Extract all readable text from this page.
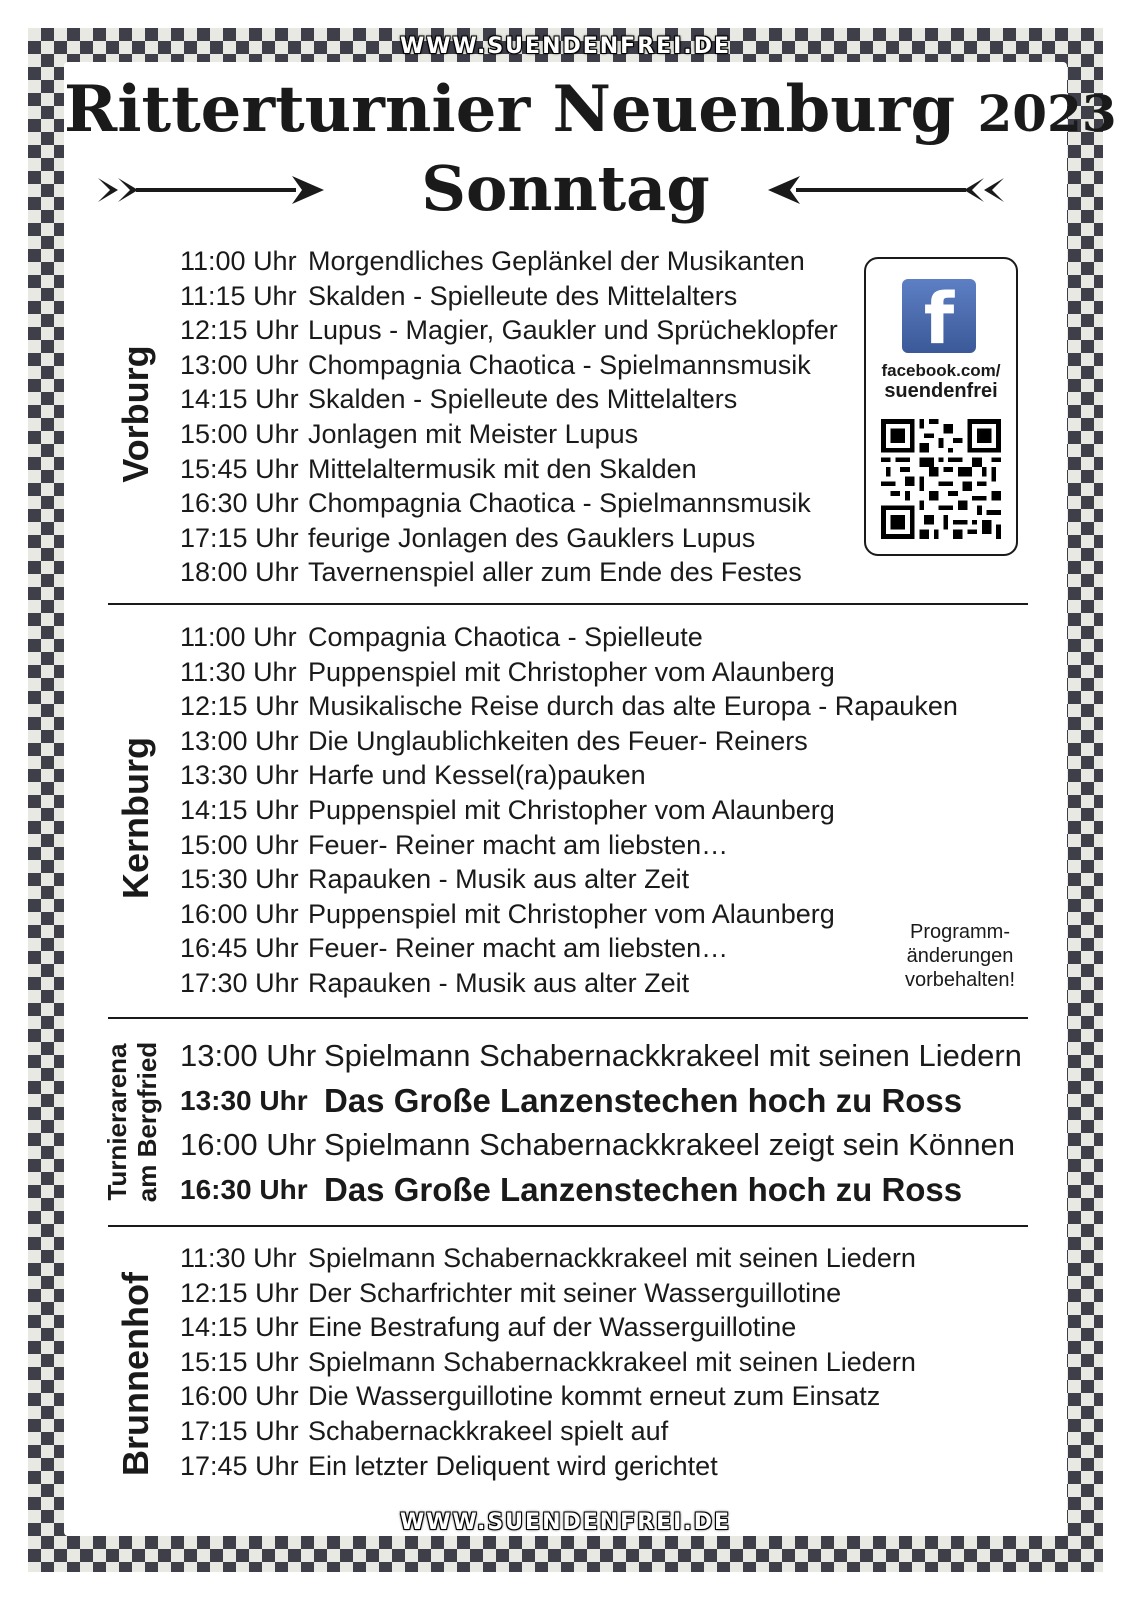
WWW.SUENDENFREI.DE
Ritterturnier Neuenburg 2023
Sonntag
Vorburg
11:00 Uhr Morgendliches Geplänkel der Musikanten
11:15 Uhr Skalden - Spielleute des Mittelalters
12:15 Uhr Lupus - Magier, Gaukler und Sprücheklopfer
13:00 Uhr Chompagnia Chaotica - Spielmannsmusik
14:15 Uhr Skalden - Spielleute des Mittelalters
15:00 Uhr Jonlagen mit Meister Lupus
15:45 Uhr Mittelaltermusik mit den Skalden
16:30 Uhr Chompagnia Chaotica - Spielmannsmusik
17:15 Uhr feurige Jonlagen des Gauklers Lupus
18:00 Uhr Tavernenspiel aller zum Ende des Festes
f
facebook.com/
suendenfrei
Kernburg
11:00 Uhr Compagnia Chaotica - Spielleute
11:30 Uhr Puppenspiel mit Christopher vom Alaunberg
12:15 Uhr Musikalische Reise durch das alte Europa - Rapauken
13:00 Uhr Die Unglaublichkeiten des Feuer- Reiners
13:30 Uhr Harfe und Kessel(ra)pauken
14:15 Uhr Puppenspiel mit Christopher vom Alaunberg
15:00 Uhr Feuer- Reiner macht am liebsten…
15:30 Uhr Rapauken - Musik aus alter Zeit
16:00 Uhr Puppenspiel mit Christopher vom Alaunberg
16:45 Uhr Feuer- Reiner macht am liebsten…
17:30 Uhr Rapauken - Musik aus alter Zeit
Programm-
änderungen
vorbehalten!
Turnierarena am Bergfried 13:00 Uhr Spielmann Schabernackkrakeel mit seinen Liedern
13:30 Uhr Das Große Lanzenstechen hoch zu Ross
16:00 Uhr Spielmann Schabernackkrakeel zeigt sein Können
16:30 Uhr Das Große Lanzenstechen hoch zu Ross
Brunnenhof
11:30 Uhr Spielmann Schabernackkrakeel mit seinen Liedern
12:15 Uhr Der Scharfrichter mit seiner Wasserguillotine
14:15 Uhr Eine Bestrafung auf der Wasserguillotine
15:15 Uhr Spielmann Schabernackkrakeel mit seinen Liedern
16:00 Uhr Die Wasserguillotine kommt erneut zum Einsatz
17:15 Uhr Schabernackkrakeel spielt auf
17:45 Uhr Ein letzter Deliquent wird gerichtet
WWW.SUENDENFREI.DE
